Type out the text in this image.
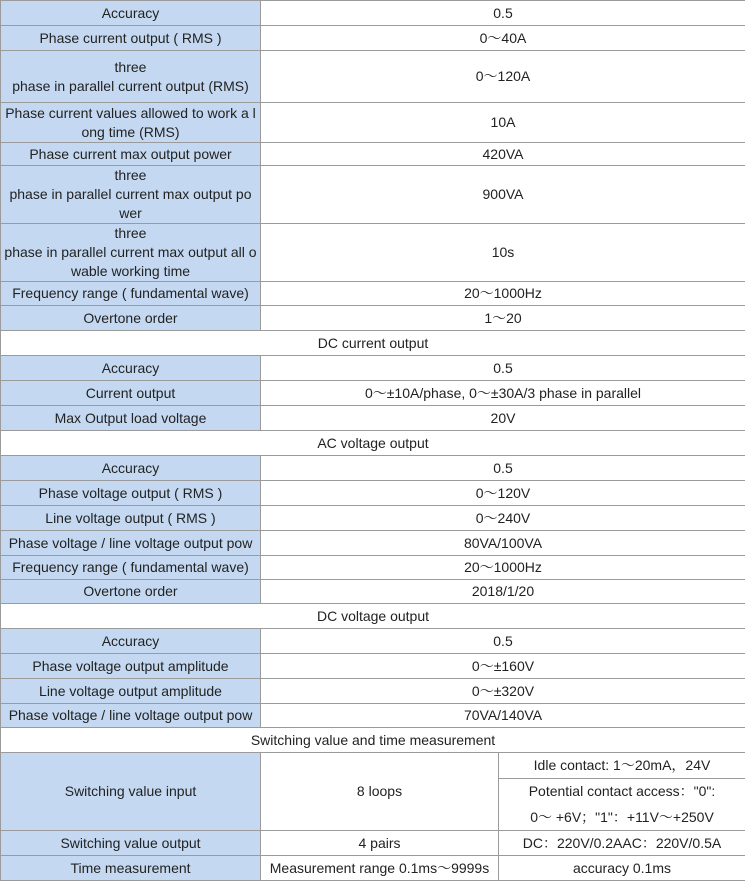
Accuracy	0.5	
Phase current output ( RMS )	0～40A	
three
phase in parallel current output (RMS)	0～120A	
Phase current values allowed to work a long time (RMS)	10A	
Phase current max output power	420VA	
three
phase in parallel current max output po wer	900VA	
three
phase in parallel current max output all owable working time	10s	
Frequency range ( fundamental wave)	20～1000Hz	
Overtone order	1～20	
DC current output		
Accuracy	0.5	
Current output	0～±10A/phase, 0～±30A/3 phase in parallel	
Max Output load voltage	20V	
AC voltage output		
Accuracy	0.5	
Phase voltage output ( RMS )	0～120V	
Line voltage output ( RMS )	0～240V	
Phase voltage / line voltage output pow	80VA/100VA	
Frequency range ( fundamental wave)	20～1000Hz	
Overtone order	2018/1/20	
DC voltage output		
Accuracy	0.5	
Phase voltage output amplitude	0～±160V	
Line voltage output amplitude	0～±320V	
Phase voltage / line voltage output pow	70VA/140VA	
Switching value and time measurement		
Switching value input	8 loops	Idle contact: 1～20mA，24V
		Potential contact access："0":
		0～ +6V；"1"：+11V～+250V
Switching value output	4 pairs	DC：220V/0.2AAC：220V/0.5A
Time measurement	Measurement range 0.1ms～9999s	accuracy 0.1ms
